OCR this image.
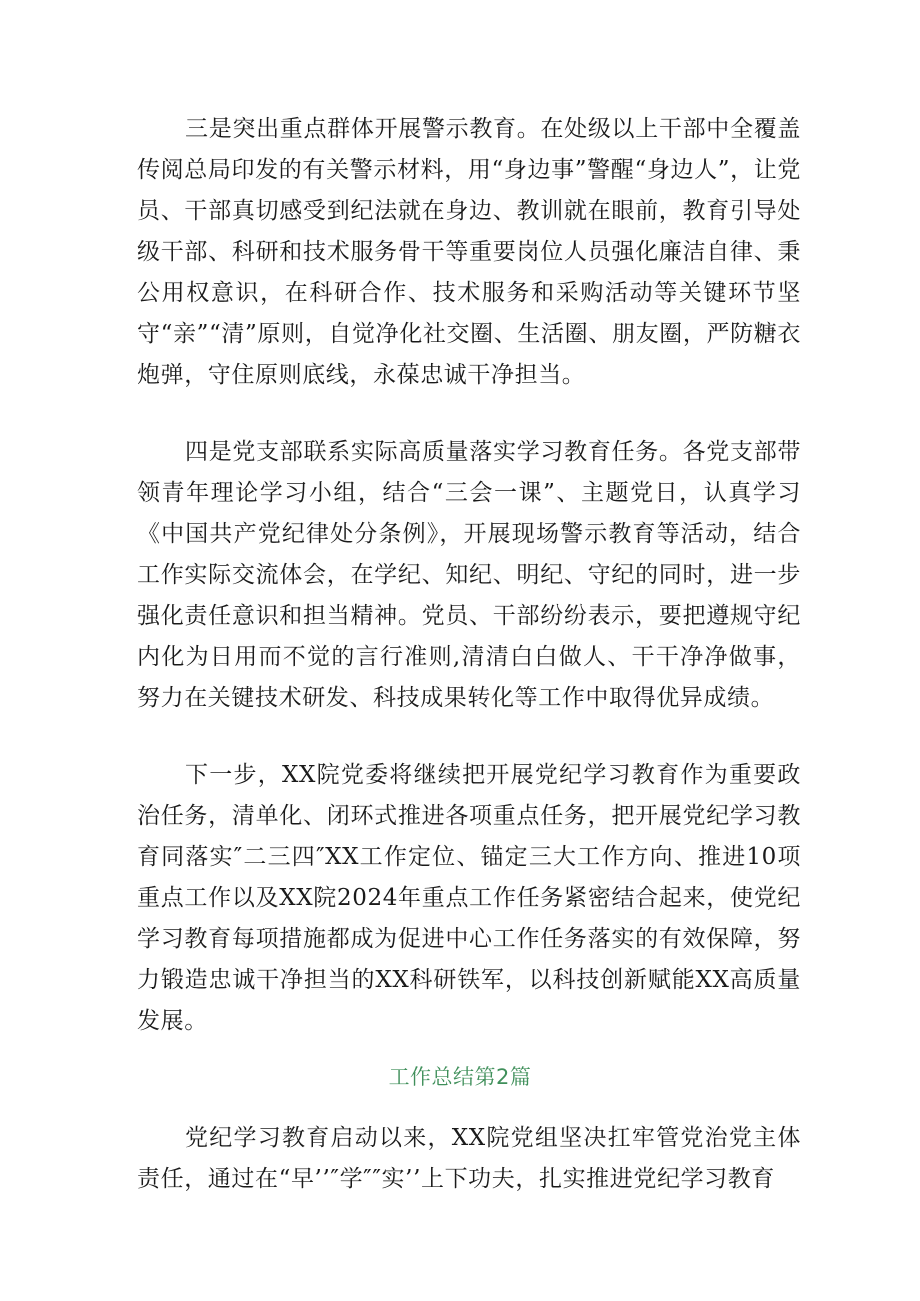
三是突出重点群体开展警示教育。在处级以上干部中全覆盖传阅总局印发的有关警示材料，用“身边事”警醒“身边人”，让党员、干部真切感受到纪法就在身边、教训就在眼前，教育引导处级干部、科研和技术服务骨干等重要岗位人员强化廉洁自律、秉公用权意识，在科研合作、技术服务和采购活动等关键环节坚守“亲”“清”原则，自觉净化社交圈、生活圈、朋友圈，严防糖衣炮弹，守住原则底线，永葆忠诚干净担当。

四是党支部联系实际高质量落实学习教育任务。各党支部带领青年理论学习小组，结合“三会一课”、主题党日，认真学习《中国共产党纪律处分条例》，开展现场警示教育等活动，结合工作实际交流体会，在学纪、知纪、明纪、守纪的同时，进一步强化责任意识和担当精神。党员、干部纷纷表示，要把遵规守纪内化为日用而不觉的言行准则,清清白白做人、干干净净做事，努力在关键技术研发、科技成果转化等工作中取得优异成绩。

下一步，XX院党委将继续把开展党纪学习教育作为重要政治任务，清单化、闭环式推进各项重点任务，把开展党纪学习教育同落实″二三四″XX工作定位、锚定三大工作方向、推进10项重点工作以及XX院2024年重点工作任务紧密结合起来，使党纪学习教育每项措施都成为促进中心工作任务落实的有效保障，努力锻造忠诚干净担当的XX科研铁军，以科技创新赋能XX高质量发展。

工作总结第2篇

党纪学习教育启动以来，XX院党组坚决扛牢管党治党主体责任，通过在“早’’″学″″实’’上下功夫，扎实推进党纪学习教育
